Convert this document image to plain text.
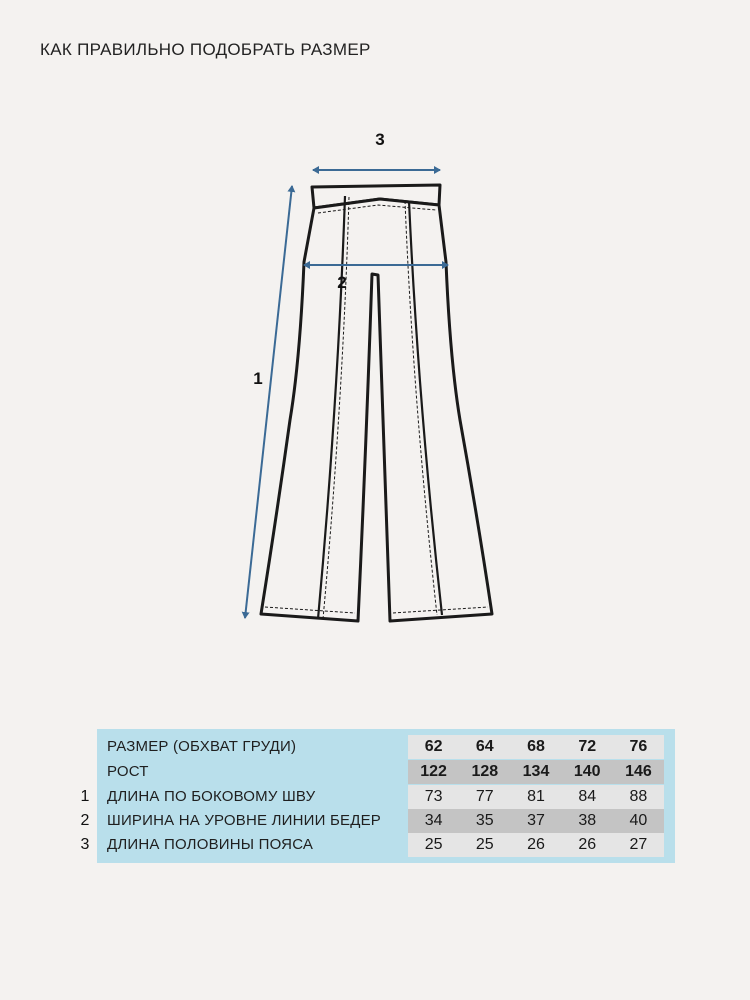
КАК ПРАВИЛЬНО ПОДОБРАТЬ РАЗМЕР
1
3
2
1
2
3
РАЗМЕР (ОБХВАТ ГРУДИ)	62	64	68	72	76
РОСТ	122	128	134	140	146
ДЛИНА ПО БОКОВОМУ ШВУ	73	77	81	84	88
ШИРИНА НА УРОВНЕ ЛИНИИ БЕДЕР	34	35	37	38	40
ДЛИНА ПОЛОВИНЫ ПОЯСА	25	25	26	26	27
